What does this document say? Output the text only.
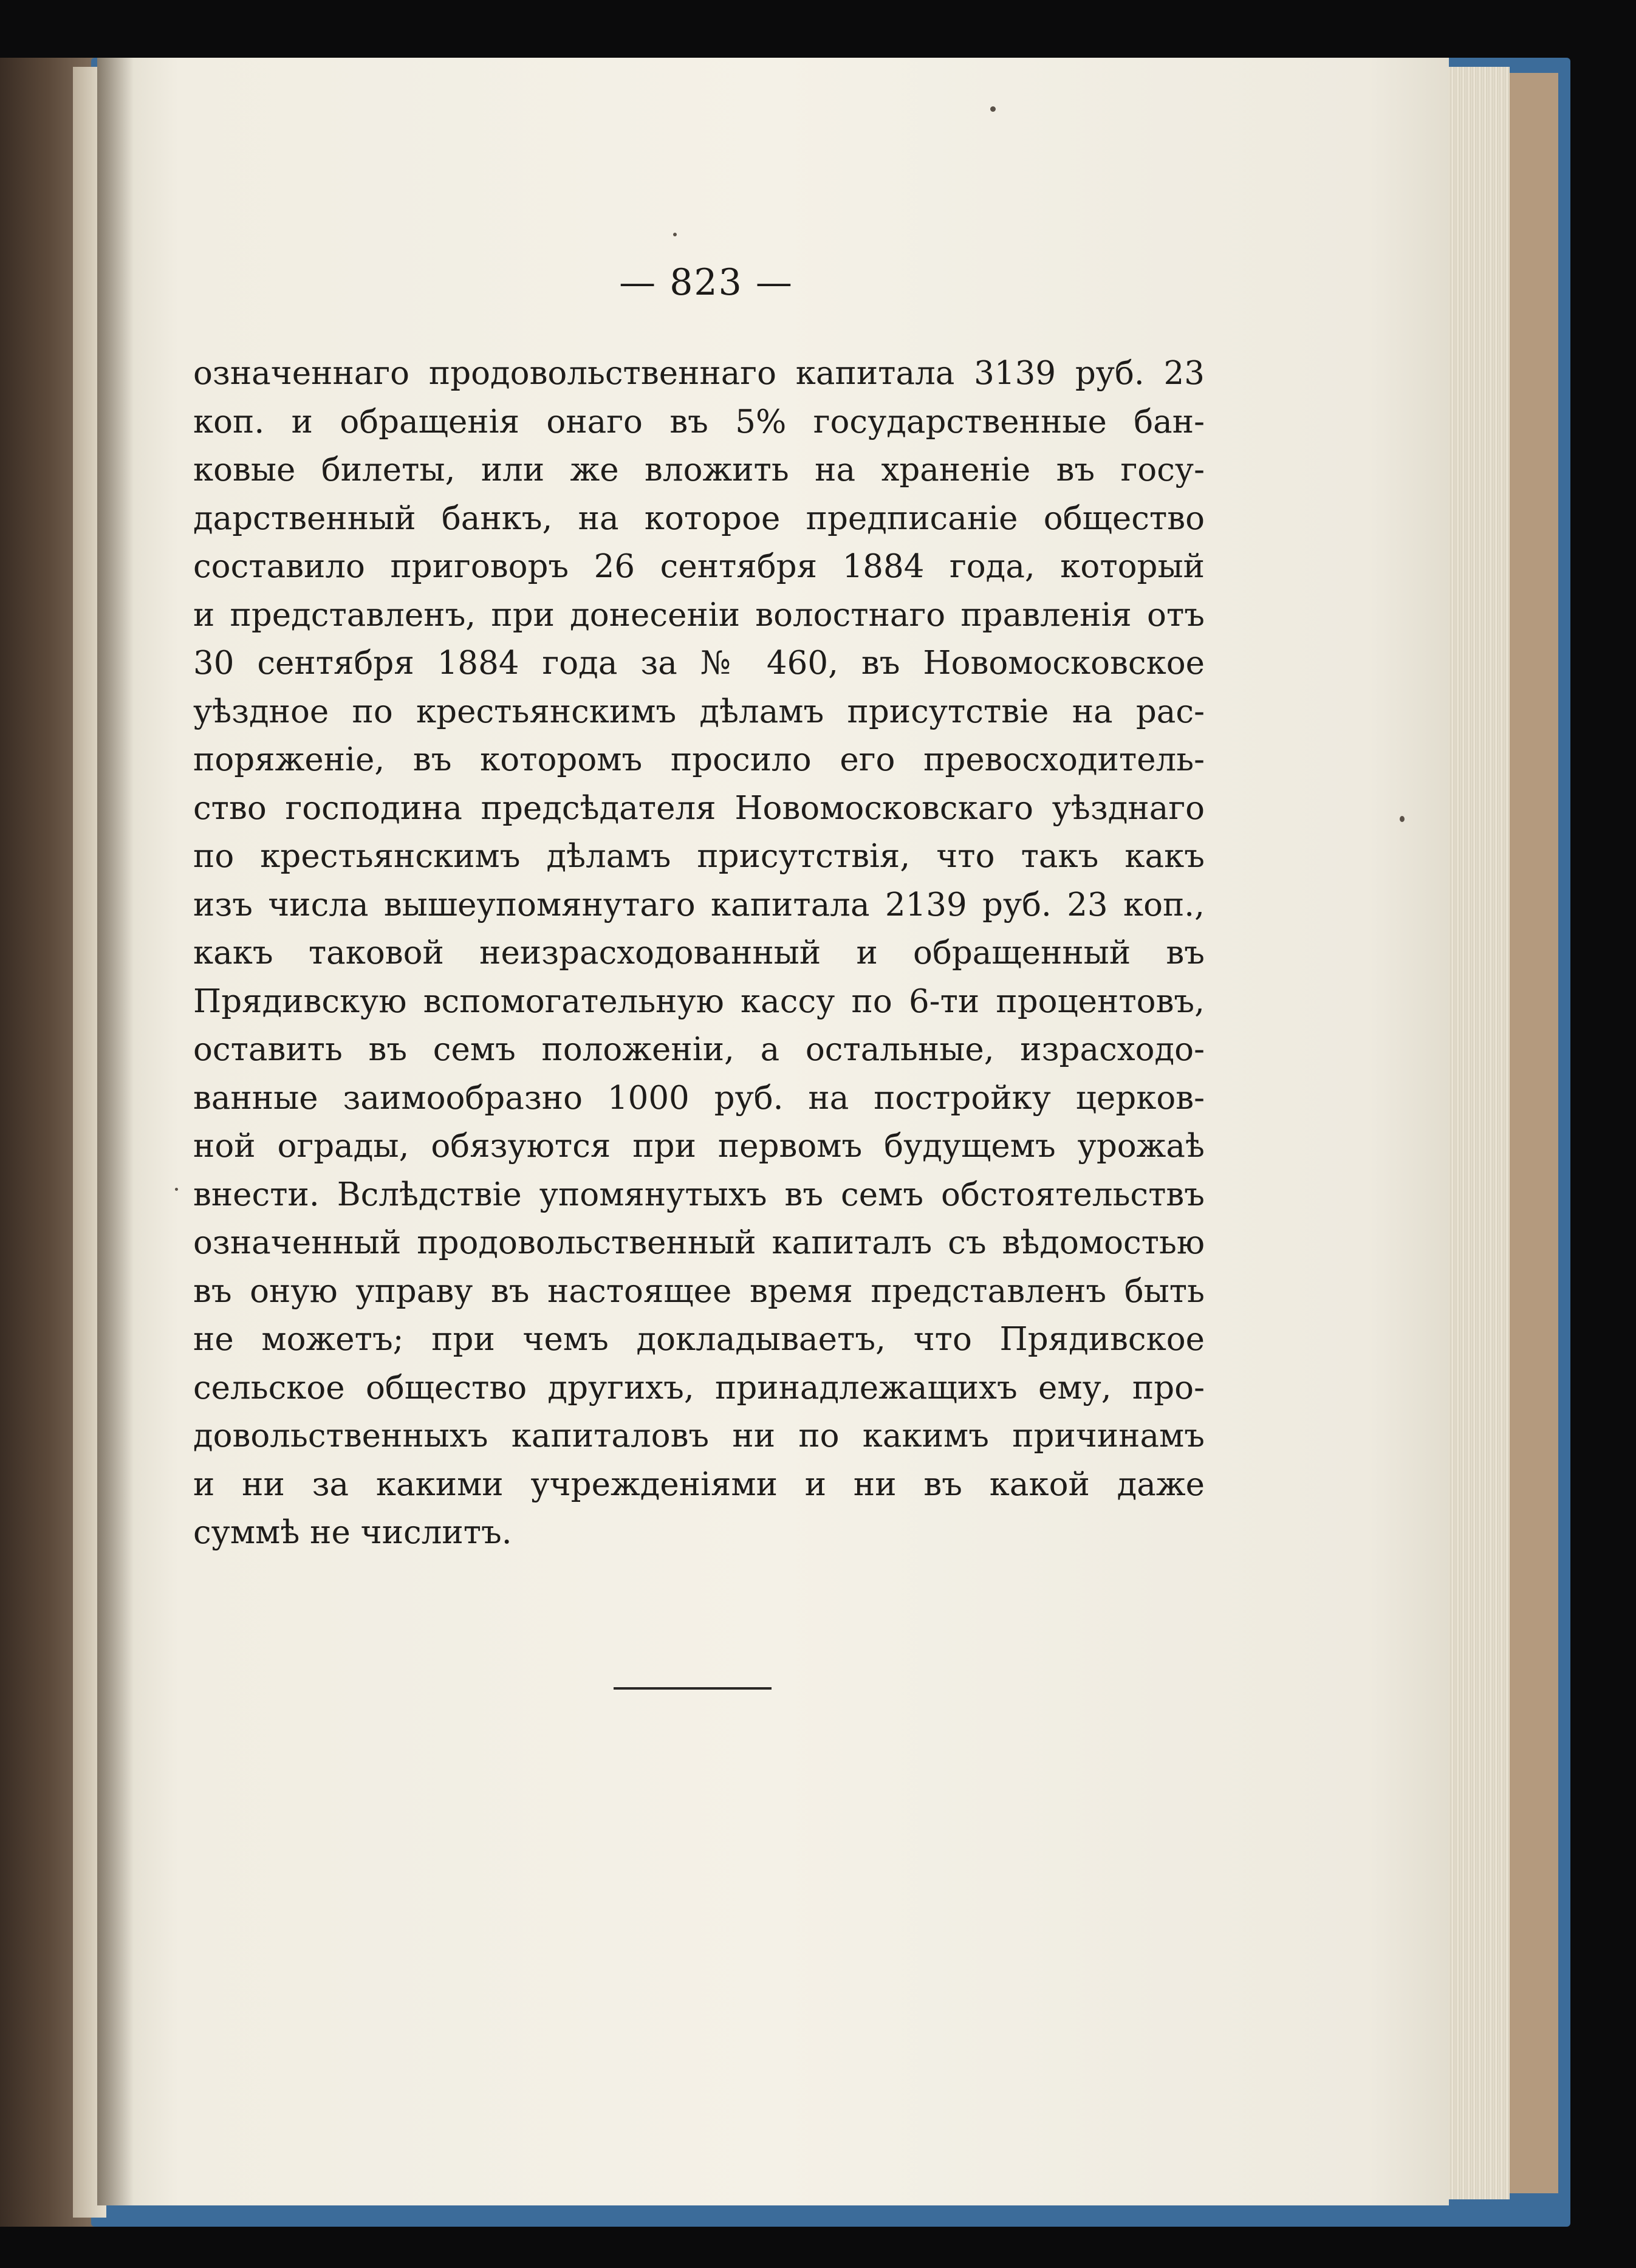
— 823 —
означеннаго продовольственнаго капитала 3139 руб. 23
коп. и обращенія онаго въ 5% государственные бан-
ковые билеты, или же вложить на храненіе въ госу-
дарственный банкъ, на которое предписаніе общество
составило приговоръ 26 сентября 1884 года, который
и представленъ, при донесеніи волостнаго правленія отъ
30 сентября 1884 года за № 460, въ Новомосковское
уѣздное по крестьянскимъ дѣламъ присутствіе на рас-
поряженіе, въ которомъ просило его превосходитель-
ство господина предсѣдателя Новомосковскаго уѣзднаго
по крестьянскимъ дѣламъ присутствія, что такъ какъ
изъ числа вышеупомянутаго капитала 2139 руб. 23 коп.,
какъ таковой неизрасходованный и обращенный въ
Прядивскую вспомогательную кассу по 6-ти процентовъ,
оставить въ семъ положеніи, а остальные, израсходо-
ванные заимообразно 1000 руб. на постройку церков-
ной ограды, обязуются при первомъ будущемъ урожаѣ
внести. Вслѣдствіе упомянутыхъ въ семъ обстоятельствъ
означенный продовольственный капиталъ съ вѣдомостью
въ оную управу въ настоящее время представленъ быть
не можетъ; при чемъ докладываетъ, что Прядивское
сельское общество другихъ, принадлежащихъ ему, про-
довольственныхъ капиталовъ ни по какимъ причинамъ
и ни за какими учрежденіями и ни въ какой даже
суммѣ не числитъ.
